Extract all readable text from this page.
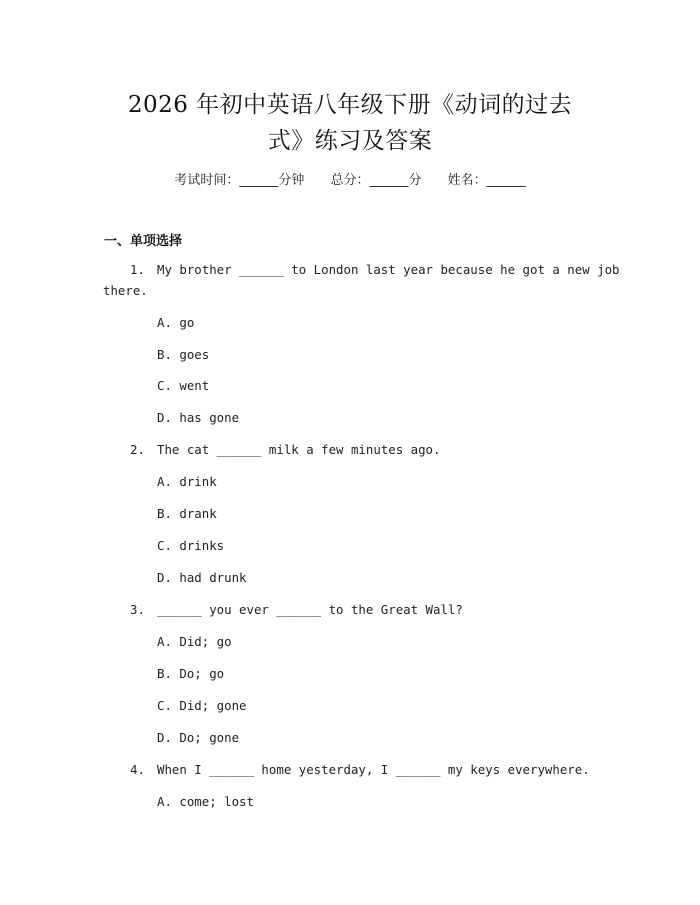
2026 年初中英语八年级下册《动词的过去
式》练习及答案
考试时间：______分钟 总分：______分 姓名：______
一、单项选择
1. My brother ______ to London last year because he got a new job
there.
A. go
B. goes
C. went
D. has gone
2. The cat ______ milk a few minutes ago.
A. drink
B. drank
C. drinks
D. had drunk
3. ______ you ever ______ to the Great Wall?
A. Did; go
B. Do; go
C. Did; gone
D. Do; gone
4. When I ______ home yesterday, I ______ my keys everywhere.
A. come; lost
